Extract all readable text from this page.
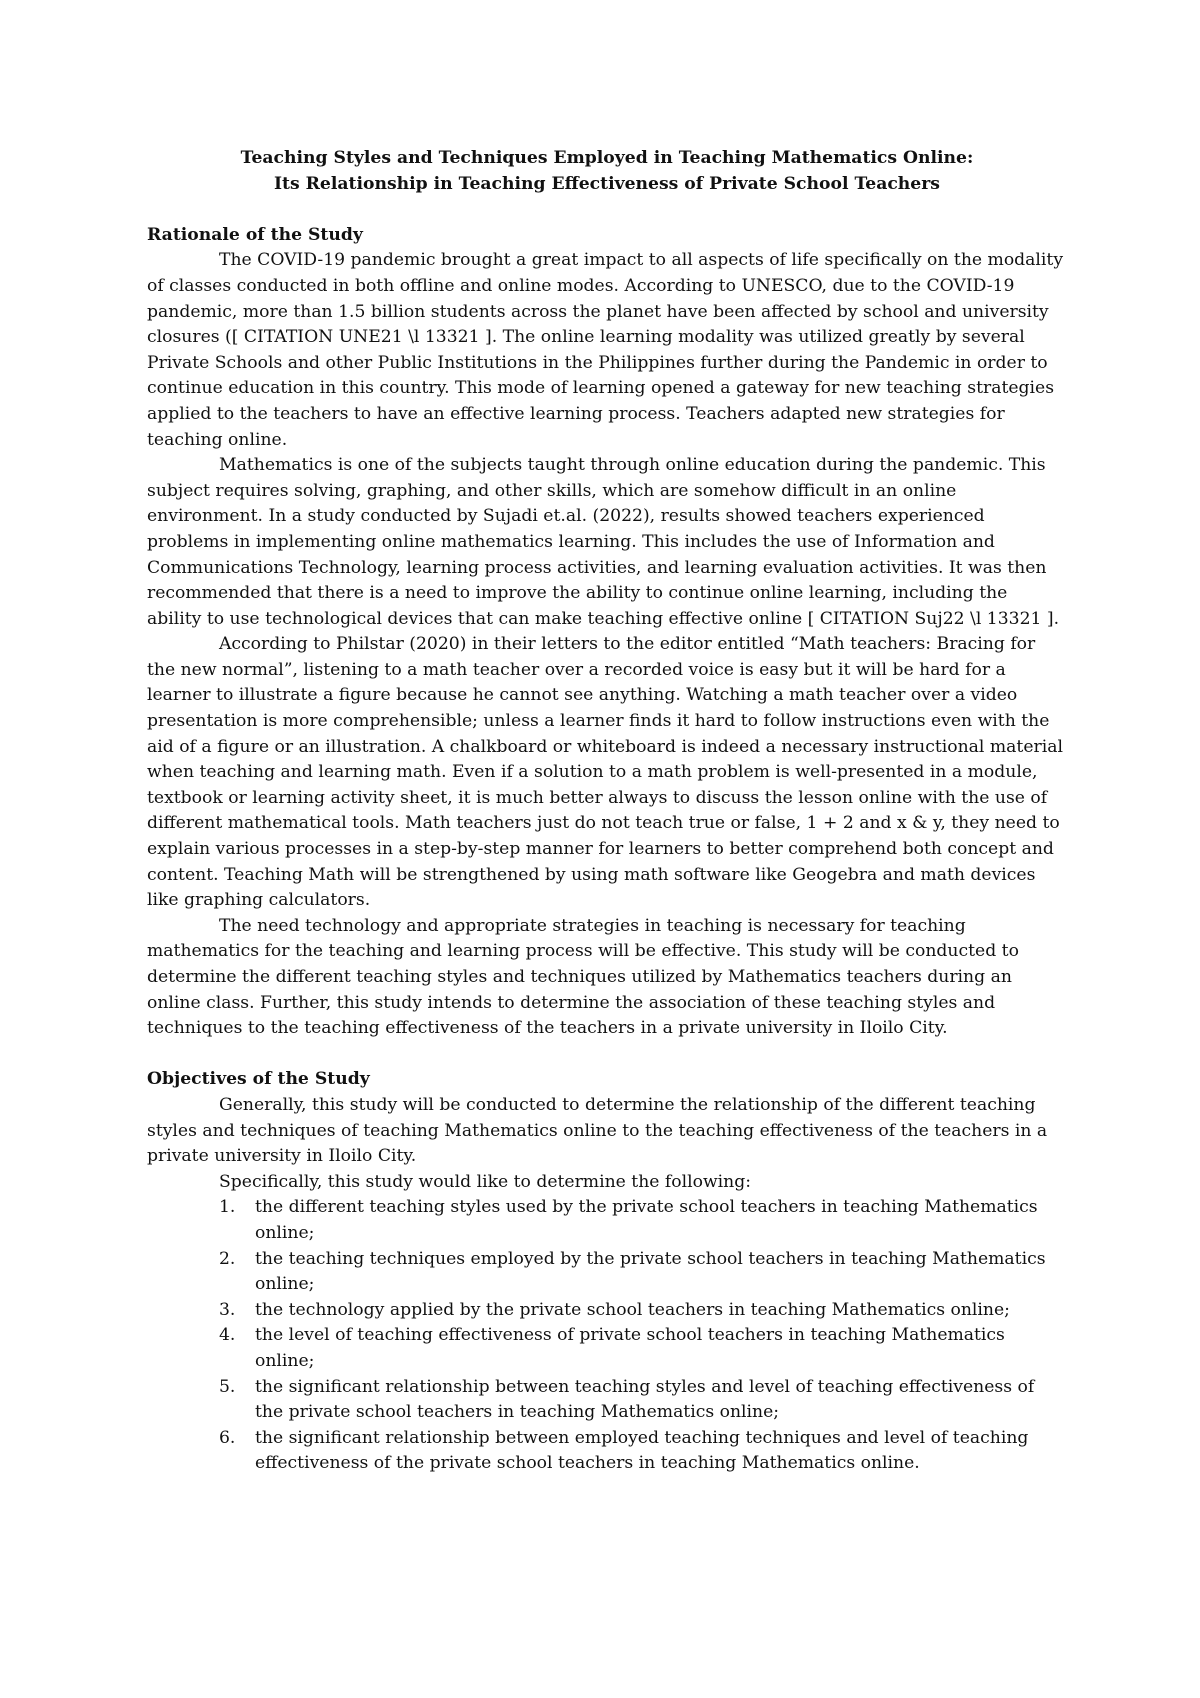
Teaching Styles and Techniques Employed in Teaching Mathematics Online:
Its Relationship in Teaching Effectiveness of Private School Teachers

Rationale of the Study

The COVID-19 pandemic brought a great impact to all aspects of life specifically on the modality of classes conducted in both offline and online modes. According to UNESCO, due to the COVID-19 pandemic, more than 1.5 billion students across the planet have been affected by school and university closures ([ CITATION UNE21 \l 13321 ]. The online learning modality was utilized greatly by several Private Schools and other Public Institutions in the Philippines further during the Pandemic in order to continue education in this country. This mode of learning opened a gateway for new teaching strategies applied to the teachers to have an effective learning process. Teachers adapted new strategies for teaching online.

Mathematics is one of the subjects taught through online education during the pandemic. This subject requires solving, graphing, and other skills, which are somehow difficult in an online environment. In a study conducted by Sujadi et.al. (2022), results showed teachers experienced problems in implementing online mathematics learning. This includes the use of Information and Communications Technology, learning process activities, and learning evaluation activities. It was then recommended that there is a need to improve the ability to continue online learning, including the ability to use technological devices that can make teaching effective online [ CITATION Suj22 \l 13321 ].

According to Philstar (2020) in their letters to the editor entitled “Math teachers: Bracing for the new normal”, listening to a math teacher over a recorded voice is easy but it will be hard for a learner to illustrate a figure because he cannot see anything. Watching a math teacher over a video presentation is more comprehensible; unless a learner finds it hard to follow instructions even with the aid of a figure or an illustration. A chalkboard or whiteboard is indeed a necessary instructional material when teaching and learning math. Even if a solution to a math problem is well-presented in a module, textbook or learning activity sheet, it is much better always to discuss the lesson online with the use of different mathematical tools. Math teachers just do not teach true or false, 1 + 2 and x & y, they need to explain various processes in a step-by-step manner for learners to better comprehend both concept and content. Teaching Math will be strengthened by using math software like Geogebra and math devices like graphing calculators.

The need technology and appropriate strategies in teaching is necessary for teaching mathematics for the teaching and learning process will be effective. This study will be conducted to determine the different teaching styles and techniques utilized by Mathematics teachers during an online class. Further, this study intends to determine the association of these teaching styles and techniques to the teaching effectiveness of the teachers in a private university in Iloilo City.

Objectives of the Study

Generally, this study will be conducted to determine the relationship of the different teaching styles and techniques of teaching Mathematics online to the teaching effectiveness of the teachers in a private university in Iloilo City.

Specifically, this study would like to determine the following:

1.	the different teaching styles used by the private school teachers in teaching Mathematics online;
2.	the teaching techniques employed by the private school teachers in teaching Mathematics online;
3.	the technology applied by the private school teachers in teaching Mathematics online;
4.	the level of teaching effectiveness of private school teachers in teaching Mathematics online;
5.	the significant relationship between teaching styles and level of teaching effectiveness of the private school teachers in teaching Mathematics online;
6.	the significant relationship between employed teaching techniques and level of teaching effectiveness of the private school teachers in teaching Mathematics online.
